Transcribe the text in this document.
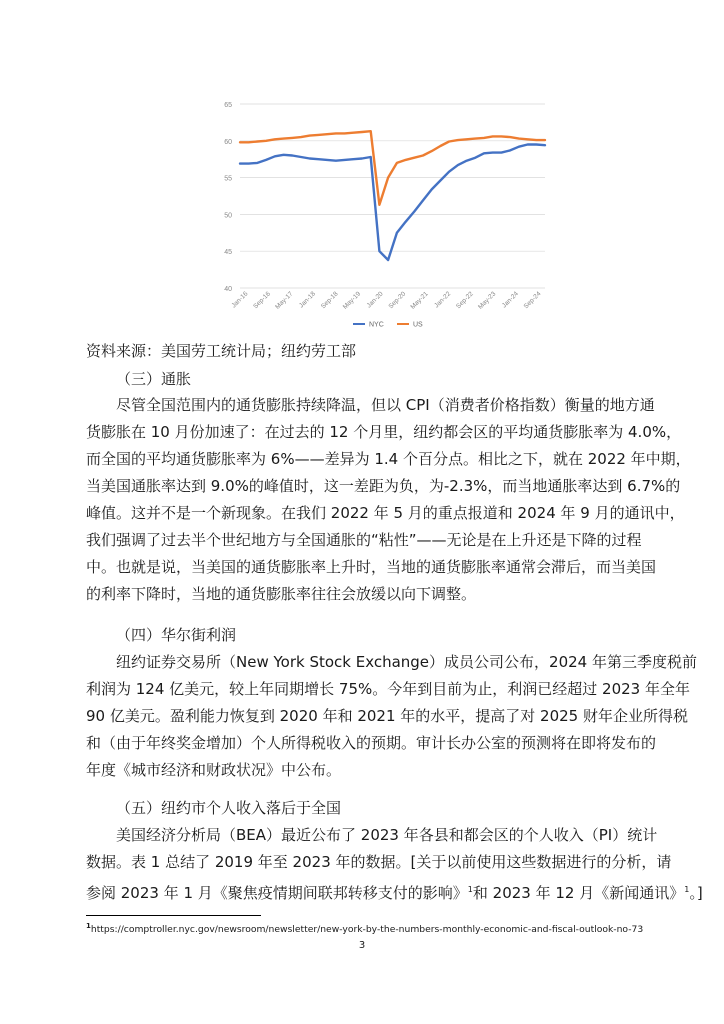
40
45
50
55
60
65
Jan-16 Sep-16 May-17 Jan-18 Sep-18 May-19 Jan-20 Sep-20 May-21 Jan-22 Sep-22 May-23 Jan-24 Sep-24
NYC	US
资料来源：美国劳工统计局；纽约劳工部
（三）通胀
尽管全国范围内的通货膨胀持续降温，但以 CPI（消费者价格指数）衡量的地方通
货膨胀在 10 月份加速了：在过去的 12 个月里，纽约都会区的平均通货膨胀率为 4.0%，
而全国的平均通货膨胀率为 6%——差异为 1.4 个百分点。相比之下，就在 2022 年中期，
当美国通胀率达到 9.0%的峰值时，这一差距为负，为-2.3%，而当地通胀率达到 6.7%的
峰值。这并不是一个新现象。在我们 2022 年 5 月的重点报道和 2024 年 9 月的通讯中，
我们强调了过去半个世纪地方与全国通胀的“粘性”——无论是在上升还是下降的过程
中。也就是说，当美国的通货膨胀率上升时，当地的通货膨胀率通常会滞后，而当美国
的利率下降时，当地的通货膨胀率往往会放缓以向下调整。
（四）华尔街利润
纽约证券交易所（New York Stock Exchange）成员公司公布，2024 年第三季度税前
利润为 124 亿美元，较上年同期增长 75%。今年到目前为止，利润已经超过 2023 年全年
90 亿美元。盈利能力恢复到 2020 年和 2021 年的水平，提高了对 2025 财年企业所得税
和（由于年终奖金增加）个人所得税收入的预期。审计长办公室的预测将在即将发布的
年度《城市经济和财政状况》中公布。
（五）纽约市个人收入落后于全国
美国经济分析局（BEA）最近公布了 2023 年各县和都会区的个人收入（PI）统计
数据。表 1 总结了 2019 年至 2023 年的数据。[关于以前使用这些数据进行的分析，请
参阅 2023 年 1 月《聚焦疫情期间联邦转移支付的影响》$^1$和 2023 年 12 月《新闻通讯》$^1$。]
$^1$https://comptroller.nyc.gov/newsroom/newsletter/new-york-by-the-numbers-monthly-economic-and-fiscal-outlook-no-73
3
